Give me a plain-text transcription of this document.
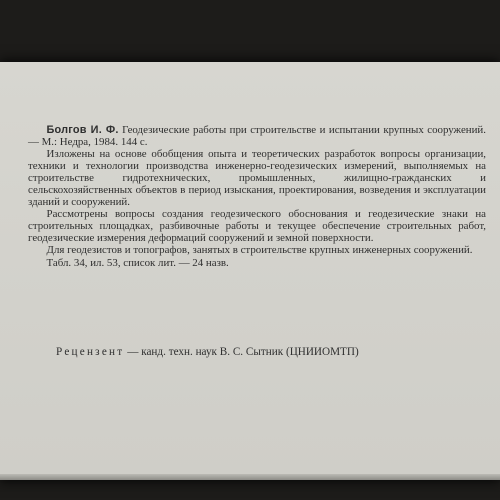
Болгов И. Ф. Геодезические работы при строительстве и испытании крупных сооружений. — М.: Недра, 1984. 144 с.

Изложены на основе обобщения опыта и теоретических разработок вопросы организации, техники и технологии производства инженерно-геодезических измерений, выполняемых на строительстве гидротехнических, промышленных, жилищно-гражданских и сельскохозяйственных объектов в период изыскания, проектирования, возведения и эксплуатации зданий и сооружений.

Рассмотрены вопросы создания геодезического обоснования и геодезические знаки на строительных площадках, разбивочные работы и текущее обеспечение строительных работ, геодезические измерения деформаций сооружений и земной поверхности.

Для геодезистов и топографов, занятых в строительстве крупных инженерных сооружений.

Табл. 34, ил. 53, список лит. — 24 назв.

Рецензент — канд. техн. наук В. С. Сытник (ЦНИИОМТП)
